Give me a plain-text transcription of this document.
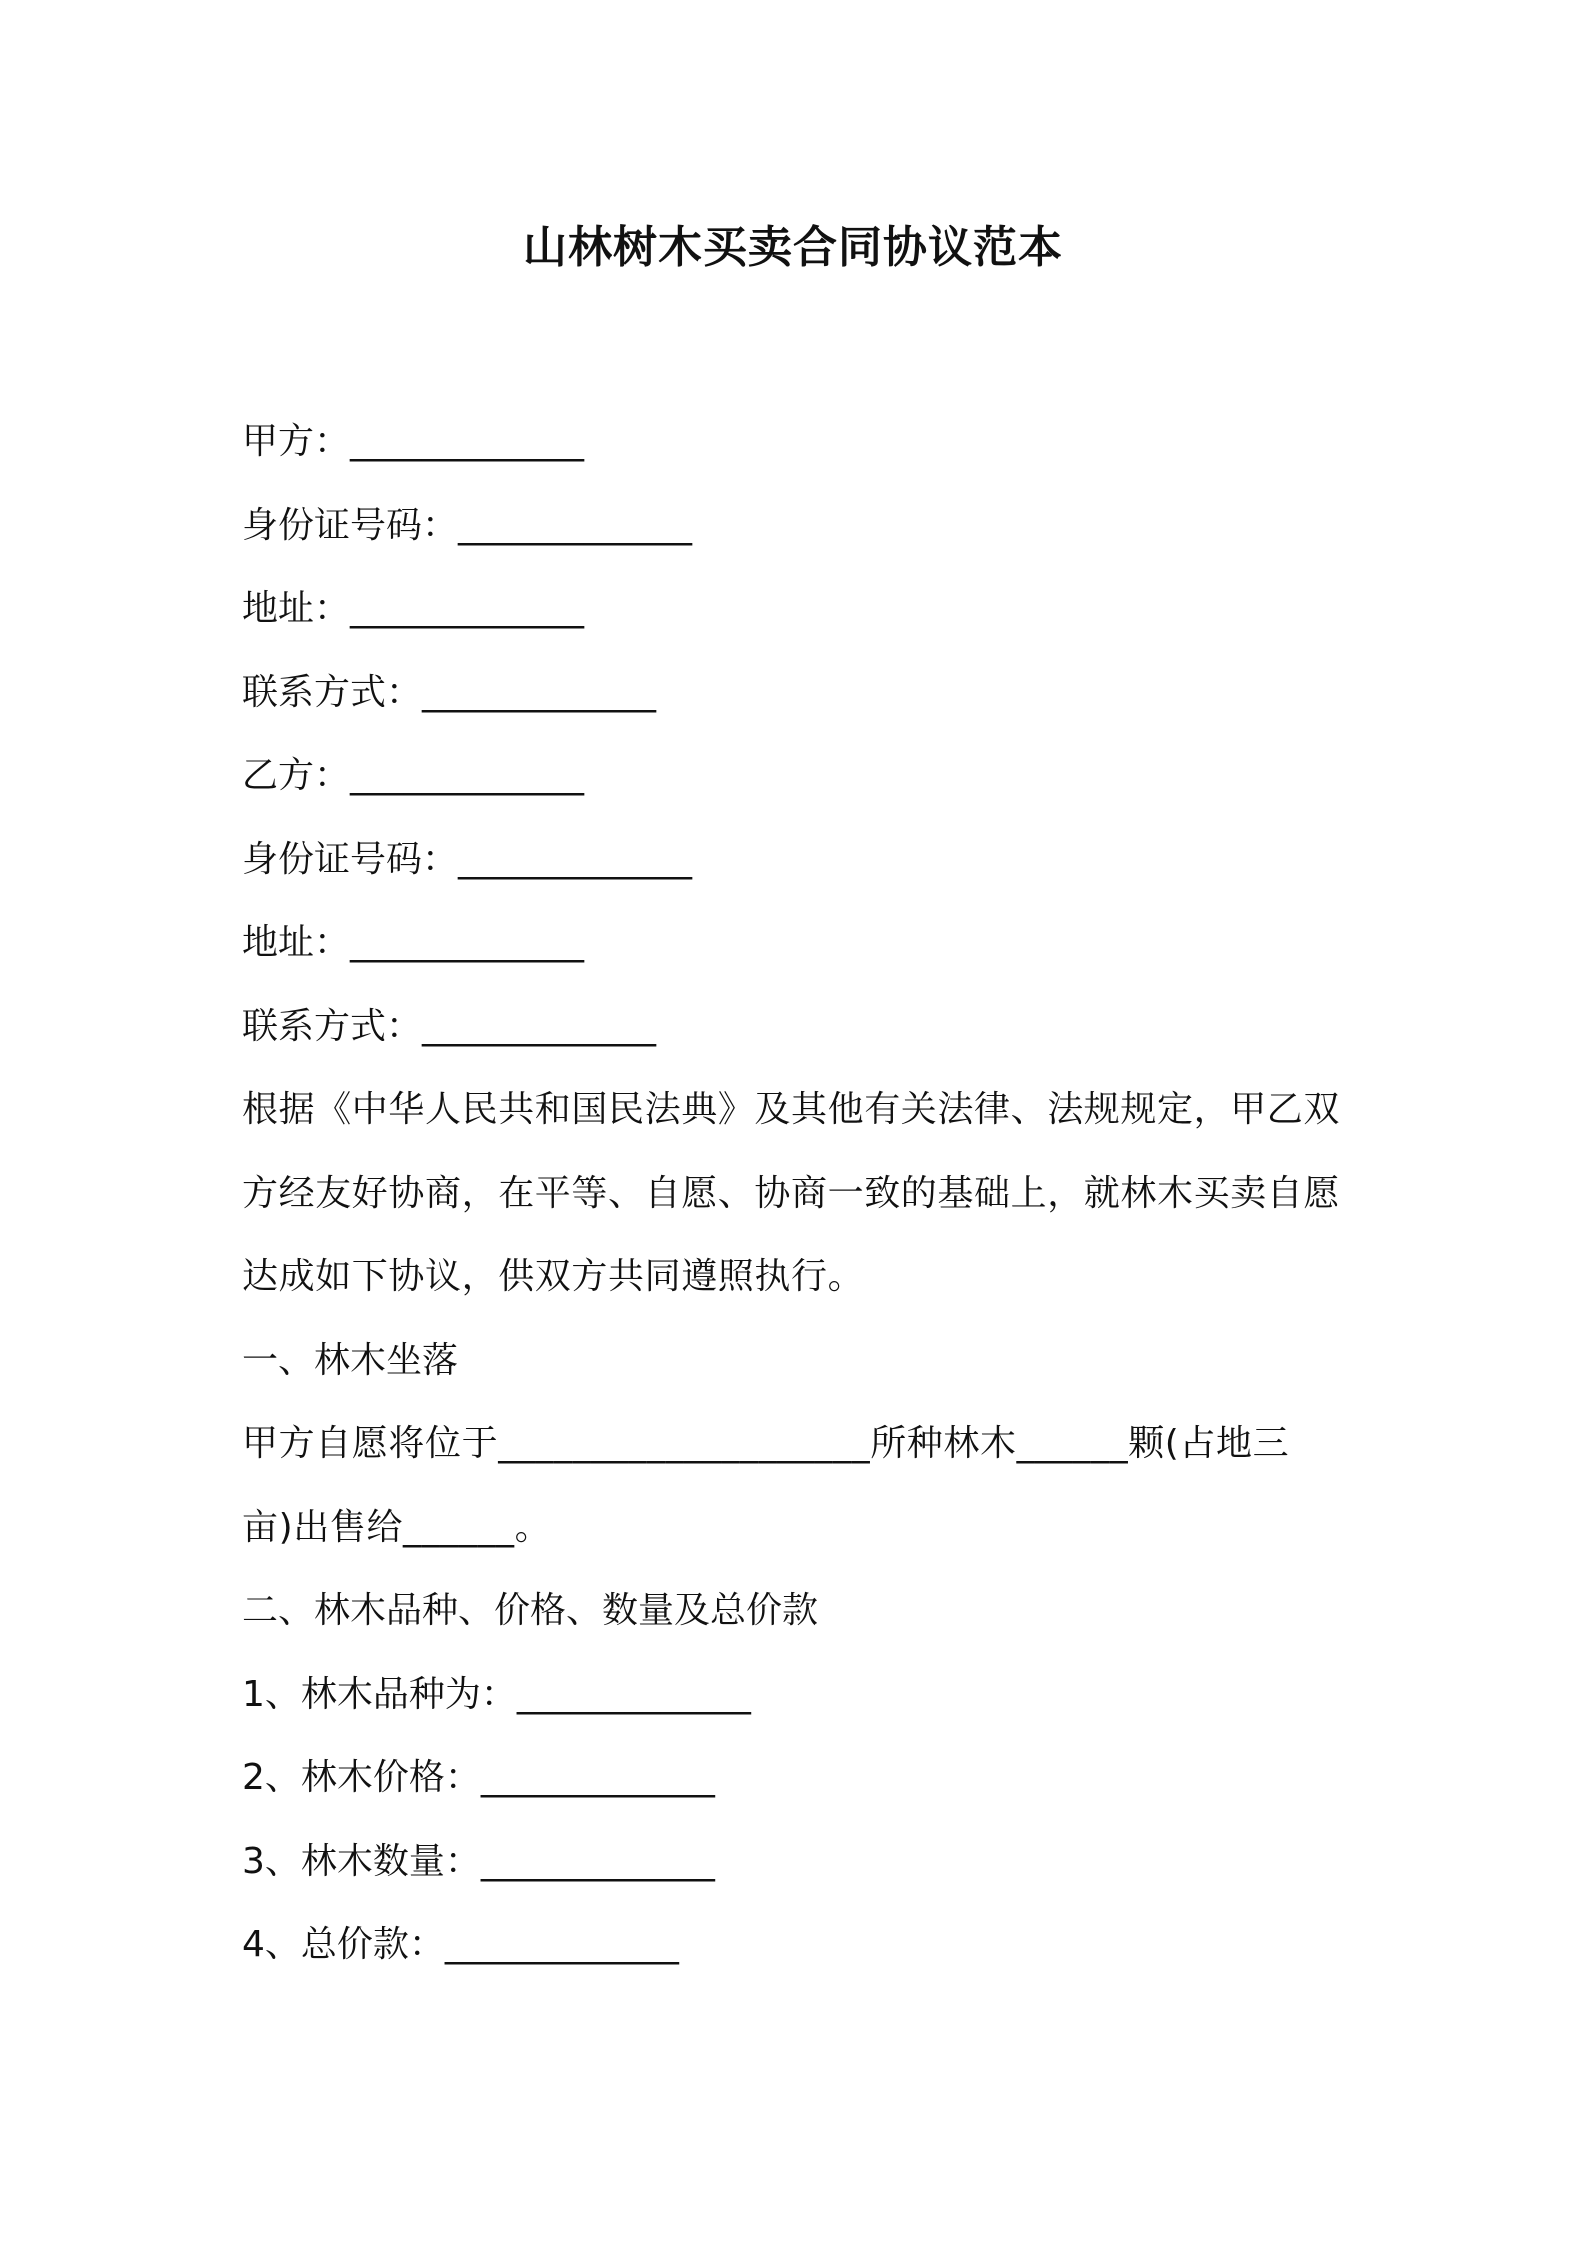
山林树木买卖合同协议范本
甲方：_____________
身份证号码：_____________
地址：_____________
联系方式：_____________
乙方：_____________
身份证号码：_____________
地址：_____________
联系方式：_____________
根据《中华人民共和国民法典》及其他有关法律、法规规定，甲乙双
方经友好协商，在平等、自愿、协商一致的基础上，就林木买卖自愿
达成如下协议，供双方共同遵照执行。
一、林木坐落
甲方自愿将位于____________________所种林木______颗(占地三
亩)出售给______。
二、林木品种、价格、数量及总价款
1、林木品种为：_____________
2、林木价格：_____________
3、林木数量：_____________
4、总价款：_____________
